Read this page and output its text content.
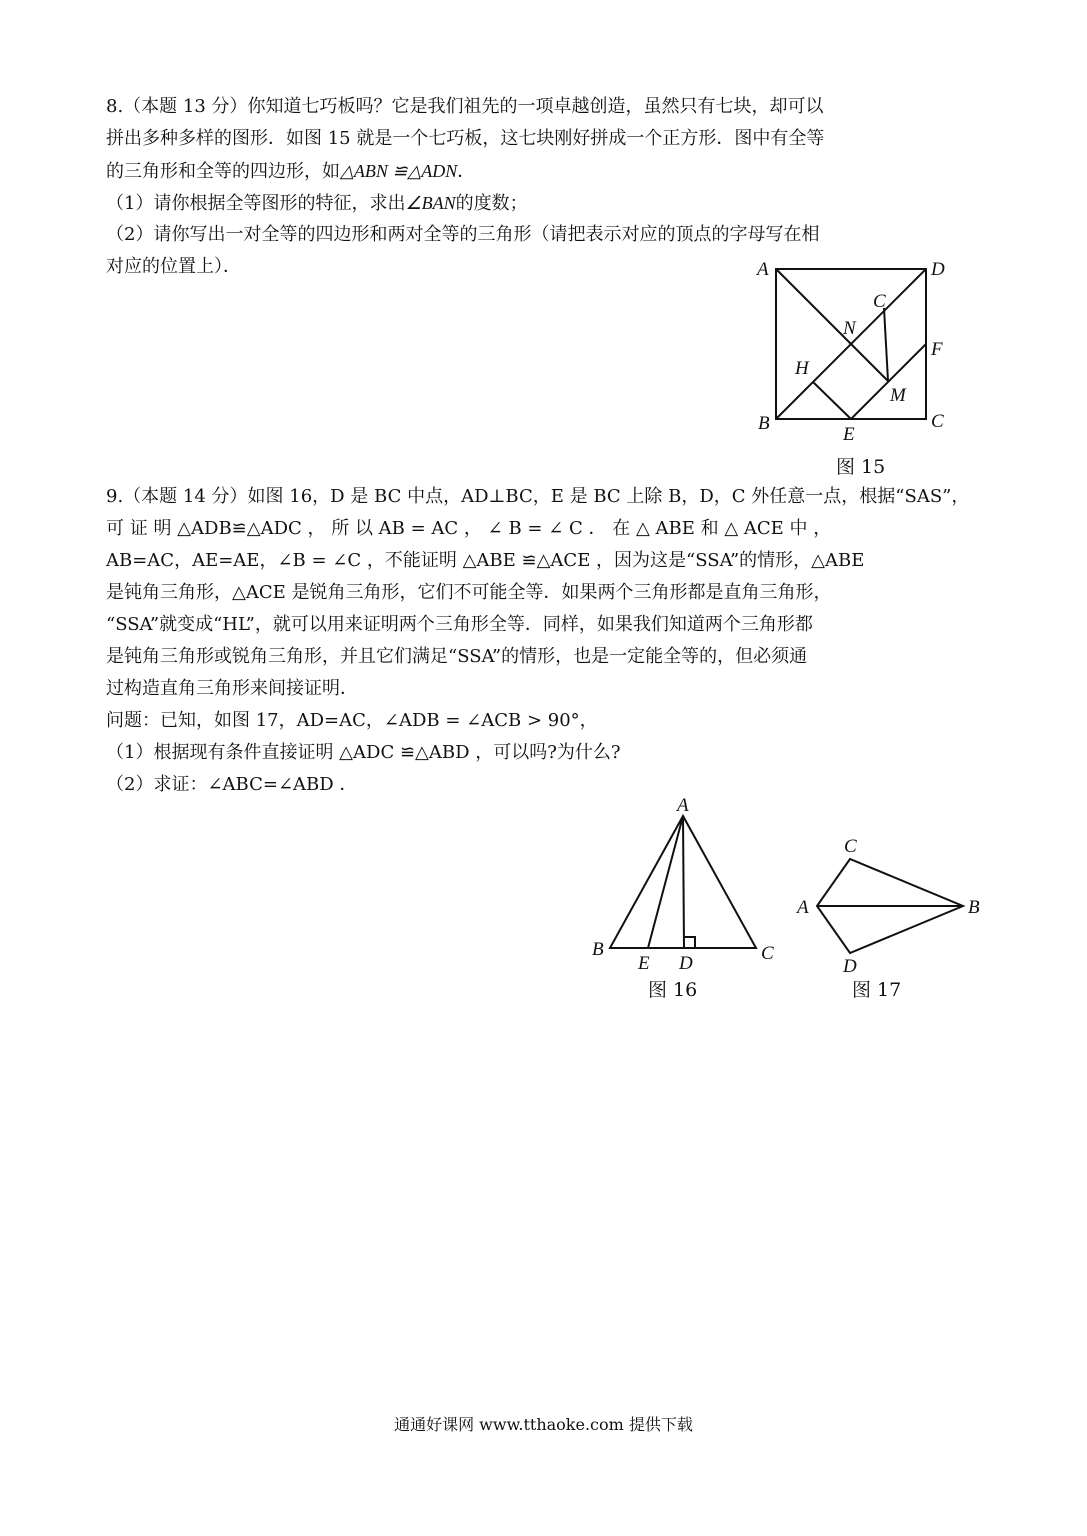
8.（本题 13 分）你知道七巧板吗？它是我们祖先的一项卓越创造，虽然只有七块，却可以

拼出多种多样的图形．如图 15 就是一个七巧板，这七块刚好拼成一个正方形．图中有全等

的三角形和全等的四边形，如△ABN ≌△ADN．

（1）请你根据全等图形的特征，求出∠BAN的度数；

（2）请你写出一对全等的四边形和两对全等的三角形（请把表示对应的顶点的字母写在相

对应的位置上）．	A	D
B	C
C
N
F
H
M
E
图 15

9.（本题 14 分）如图 16，D 是 BC 中点，AD⊥BC，E 是 BC 上除 B，D，C 外任意一点，根据“SAS”，

可 证 明 △ADB≌△ADC ， 所 以 AB = AC ， ∠ B = ∠ C ． 在 △ ABE 和 △ ACE 中 ，

AB=AC，AE=AE，∠B = ∠C ，不能证明 △ABE ≌△ACE ，因为这是“SSA”的情形，△ABE

是钝角三角形，△ACE 是锐角三角形，它们不可能全等．如果两个三角形都是直角三角形，

“SSA”就变成“HL”，就可以用来证明两个三角形全等．同样，如果我们知道两个三角形都

是钝角三角形或锐角三角形，并且它们满足“SSA”的情形，也是一定能全等的，但必须通

过构造直角三角形来间接证明．

问题：已知，如图 17，AD=AC，∠ADB = ∠ACB > 90°，

（1）根据现有条件直接证明 △ADC ≌△ABD ，可以吗?为什么?

（2）求证：∠ABC=∠ABD ．

A
B	C
D
E
图 16
A	B
C
D
图 17
通通好课网 www.tthaoke.com 提供下载
